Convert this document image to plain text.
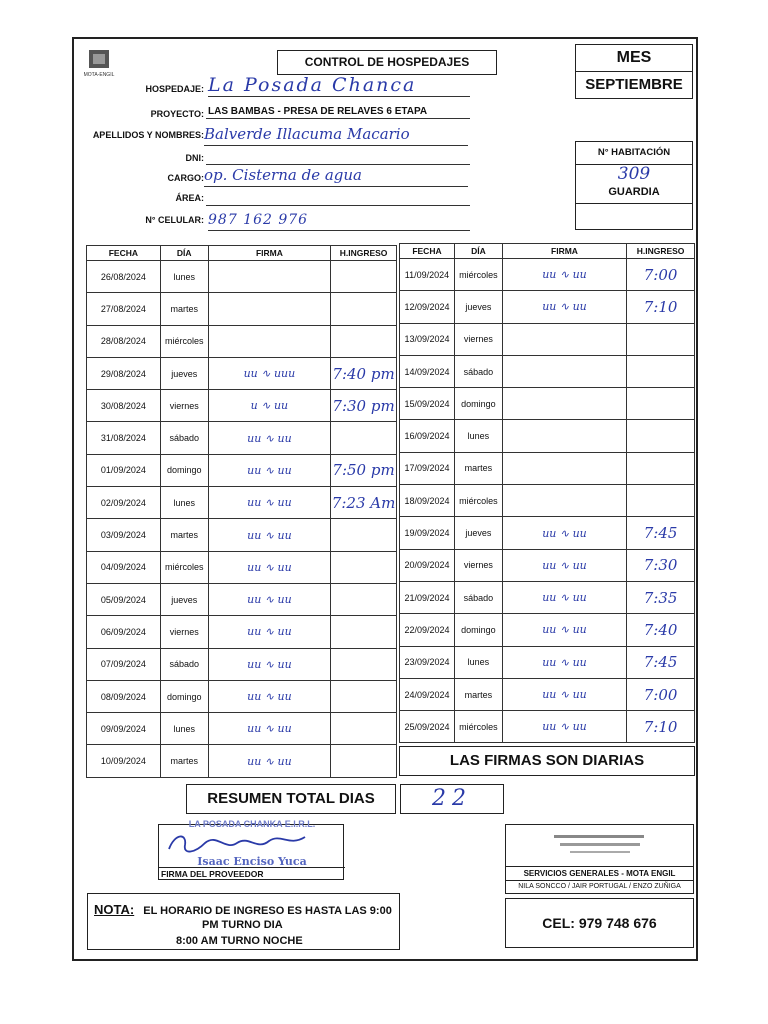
MOTA-ENGIL
CONTROL DE HOSPEDAJES	MES
SEPTIEMBRE
HOSPEDAJE: La Posada Chanca
PROYECTO: LAS BAMBAS - PRESA DE RELAVES 6 ETAPA
APELLIDOS Y NOMBRES: Balverde Illacuma Macario
DNI:
CARGO: op. Cisterna de agua
ÁREA:
N° CELULAR: 987 162 976
N° HABITACIÓN
309
GUARDIA
FECHA	DÍA	FIRMA	H.INGRESO
26/08/2024	lunes		
27/08/2024	martes		
28/08/2024	miércoles		
29/08/2024	jueves	uu ∿ uuu	7:40 pm
30/08/2024	viernes	u ∿ uu	7:30 pm
31/08/2024	sábado	uu ∿ uu	
01/09/2024	domingo	uu ∿ uu	7:50 pm
02/09/2024	lunes	uu ∿ uu	7:23 Am
03/09/2024	martes	uu ∿ uu	
04/09/2024	miércoles	uu ∿ uu	
05/09/2024	jueves	uu ∿ uu	
06/09/2024	viernes	uu ∿ uu	
07/09/2024	sábado	uu ∿ uu	
08/09/2024	domingo	uu ∿ uu	
09/09/2024	lunes	uu ∿ uu	
10/09/2024	martes	uu ∿ uu	
FECHA	DÍA	FIRMA	H.INGRESO
11/09/2024	miércoles	uu ∿ uu	7:00
12/09/2024	jueves	uu ∿ uu	7:10
13/09/2024	viernes		
14/09/2024	sábado		
15/09/2024	domingo		
16/09/2024	lunes		
17/09/2024	martes		
18/09/2024	miércoles		
19/09/2024	jueves	uu ∿ uu	7:45
20/09/2024	viernes	uu ∿ uu	7:30
21/09/2024	sábado	uu ∿ uu	7:35
22/09/2024	domingo	uu ∿ uu	7:40
23/09/2024	lunes	uu ∿ uu	7:45
24/09/2024	martes	uu ∿ uu	7:00
25/09/2024	miércoles	uu ∿ uu	7:10
LAS FIRMAS SON DIARIAS
RESUMEN TOTAL DIAS	22
LA POSADA CHANKA E.I.R.L.
Isaac Enciso Yuca
FIRMA DEL PROVEEDOR	SERVICIOS GENERALES - MOTA ENGIL
NILA SONCCO / JAIR PORTUGAL / ENZO ZUÑIGA
NOTA: EL HORARIO DE INGRESO ES HASTA LAS 9:00
PM TURNO DIA
8:00 AM TURNO NOCHE
CEL: 979 748 676
